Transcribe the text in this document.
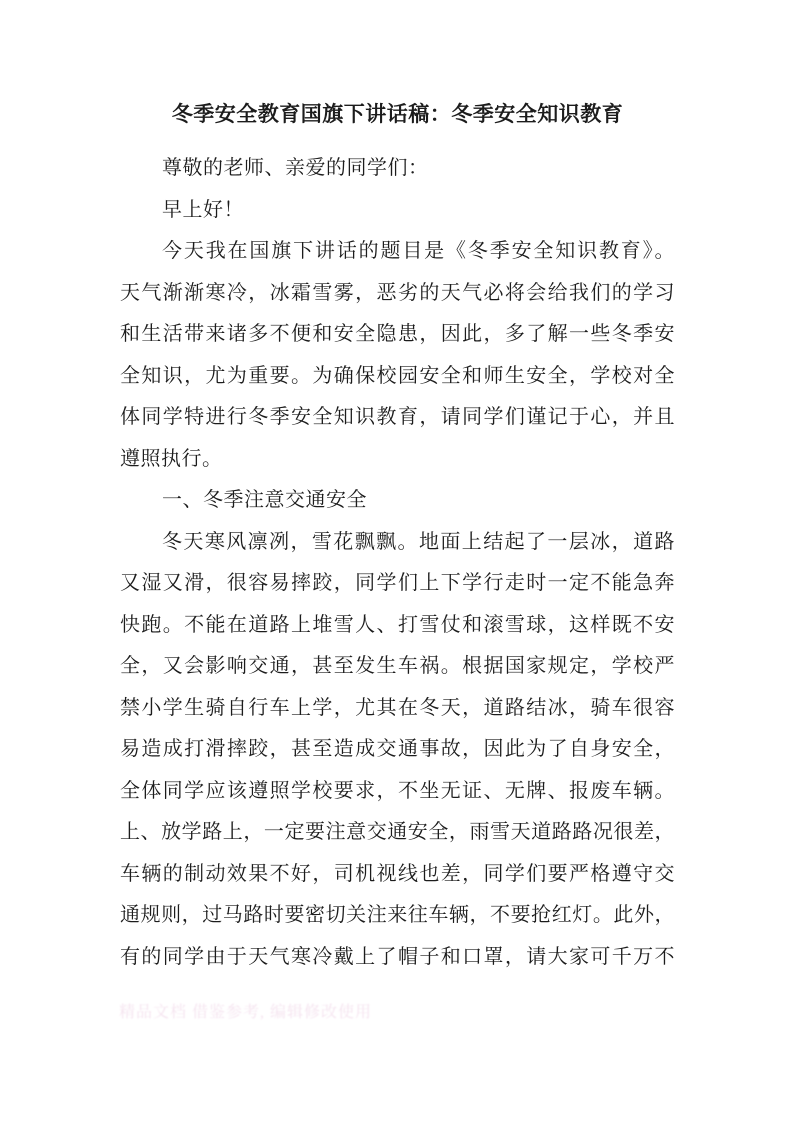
冬季安全教育国旗下讲话稿：冬季安全知识教育
尊敬的老师、亲爱的同学们：
早上好！
今天我在国旗下讲话的题目是《冬季安全知识教育》。
天气渐渐寒冷，冰霜雪雾，恶劣的天气必将会给我们的学习
和生活带来诸多不便和安全隐患，因此，多了解一些冬季安
全知识，尤为重要。为确保校园安全和师生安全，学校对全
体同学特进行冬季安全知识教育，请同学们谨记于心，并且
遵照执行。
一、冬季注意交通安全
冬天寒风凛冽，雪花飘飘。地面上结起了一层冰，道路
又湿又滑，很容易摔跤，同学们上下学行走时一定不能急奔
快跑。不能在道路上堆雪人、打雪仗和滚雪球，这样既不安
全，又会影响交通，甚至发生车祸。根据国家规定，学校严
禁小学生骑自行车上学，尤其在冬天，道路结冰，骑车很容
易造成打滑摔跤，甚至造成交通事故，因此为了自身安全，
全体同学应该遵照学校要求，不坐无证、无牌、报废车辆。
上、放学路上，一定要注意交通安全，雨雪天道路路况很差，
车辆的制动效果不好，司机视线也差，同学们要严格遵守交
通规则，过马路时要密切关注来往车辆，不要抢红灯。此外，
有的同学由于天气寒冷戴上了帽子和口罩，请大家可千万不
精品文档 借鉴参考, 编辑修改使用
